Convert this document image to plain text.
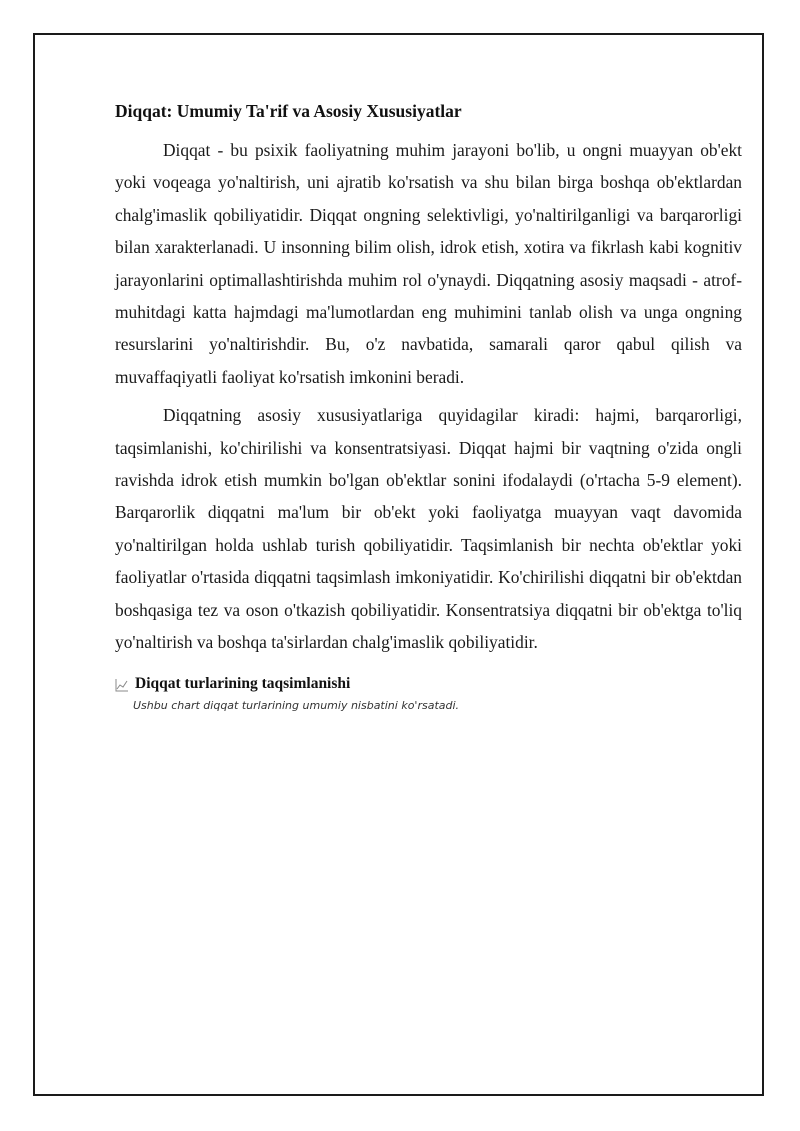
Diqqat: Umumiy Ta'rif va Asosiy Xususiyatlar

Diqqat - bu psixik faoliyatning muhim jarayoni bo'lib, u ongni muayyan ob'ekt yoki voqeaga yo'naltirish, uni ajratib ko'rsatish va shu bilan birga boshqa ob'ektlardan chalg'imaslik qobiliyatidir. Diqqat ongning selektivligi, yo'naltirilganligi va barqarorligi bilan xarakterlanadi. U insonning bilim olish, idrok etish, xotira va fikrlash kabi kognitiv jarayonlarini optimallashtirishda muhim rol o'ynaydi. Diqqatning asosiy maqsadi - atrof-muhitdagi katta hajmdagi ma'lumotlardan eng muhimini tanlab olish va unga ongning resurslarini yo'naltirishdir. Bu, o'z navbatida, samarali qaror qabul qilish va muvaffaqiyatli faoliyat ko'rsatish imkonini beradi.

Diqqatning asosiy xususiyatlariga quyidagilar kiradi: hajmi, barqarorligi, taqsimlanishi, ko'chirilishi va konsentratsiyasi. Diqqat hajmi bir vaqtning o'zida ongli ravishda idrok etish mumkin bo'lgan ob'ektlar sonini ifodalaydi (o'rtacha 5-9 element). Barqarorlik diqqatni ma'lum bir ob'ekt yoki faoliyatga muayyan vaqt davomida yo'naltirilgan holda ushlab turish qobiliyatidir. Taqsimlanish bir nechta ob'ektlar yoki faoliyatlar o'rtasida diqqatni taqsimlash imkoniyatidir. Ko'chirilishi diqqatni bir ob'ektdan boshqasiga tez va oson o'tkazish qobiliyatidir. Konsentratsiya diqqatni bir ob'ektga to'liq yo'naltirish va boshqa ta'sirlardan chalg'imaslik qobiliyatidir.

Diqqat turlarining taqsimlanishi
Ushbu chart diqqat turlarining umumiy nisbatini ko'rsatadi.
